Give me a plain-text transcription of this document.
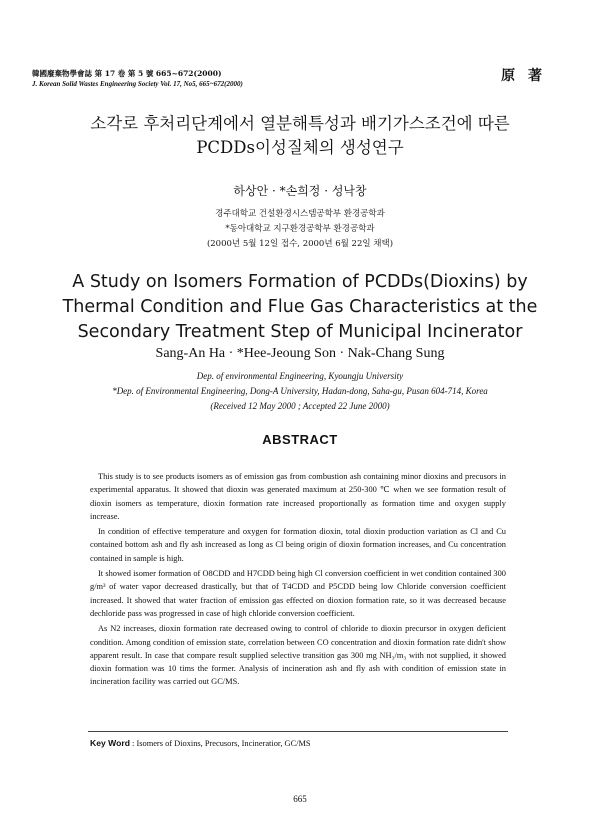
韓國廢棄物學會誌 第 17 卷 第 5 號 665~672(2000)
J. Korean Solid Wastes Engineering Society Vol. 17, No5, 665~672(2000)	原 著
소각로 후처리단계에서 열분해특성과 배기가스조건에 따른
PCDDs이성질체의 생성연구
하상안 · *손희정 · 성낙창
경주대학교 건설환경시스템공학부 환경공학과
*동아대학교 지구환경공학부 환경공학과
(2000년 5월 12일 접수, 2000년 6월 22일 채택)
A Study on Isomers Formation of PCDDs(Dioxins) by
Thermal Condition and Flue Gas Characteristics at the
Secondary Treatment Step of Municipal Incinerator
Sang-An Ha · *Hee-Jeoung Son · Nak-Chang Sung
Dep. of environmental Engineering, Kyoungju University
*Dep. of Environmental Engineering, Dong-A University, Hadan-dong, Saha-gu, Pusan 604-714, Korea
(Received 12 May 2000 ; Accepted 22 June 2000)
ABSTRACT

This study is to see products isomers as of emission gas from combustion ash containing minor dioxins and precusors in experimental apparatus. It showed that dioxin was generated maximum at 250-300 ℃ when we see formation result of dioxin isomers as temperature, dioxin formation rate increased proportionally as formation time and oxygen supply increase.

In condition of effective temperature and oxygen for formation dioxin, total dioxin production variation as Cl and Cu contained bottom ash and fly ash increased as long as Cl being origin of dioxin formation increases, and Cu concentration contained in sample is high.

It showed isomer formation of O8CDD and H7CDD being high Cl conversion coefficient in wet condition contained 300 g/m³ of water vapor decreased drastically, but that of T4CDD and P5CDD being low Chloride conversion coefficient increased. It showed that water fraction of emission gas effected on dioxion formation rate, so it was decreased because dechloride pass was progressed in case of high chloride conversion coefficient.

As N2 increases, dioxin formation rate decreased owing to control of chloride to dioxin precursor in oxygen deficient condition. Among condition of emission state, correlation between CO concentration and dioxin formation rate didn't show apparent result. In case that compare result supplied selective transition gas 300 mg NH₃/m₃ with not supplied, it showed dioxin formation was 10 tims the former. Analysis of incineration ash and fly ash with condition of emission state in incineration facility was carried out GC/MS.

Key Word : Isomers of Dioxins, Precusors, Incineratior, GC/MS
665
